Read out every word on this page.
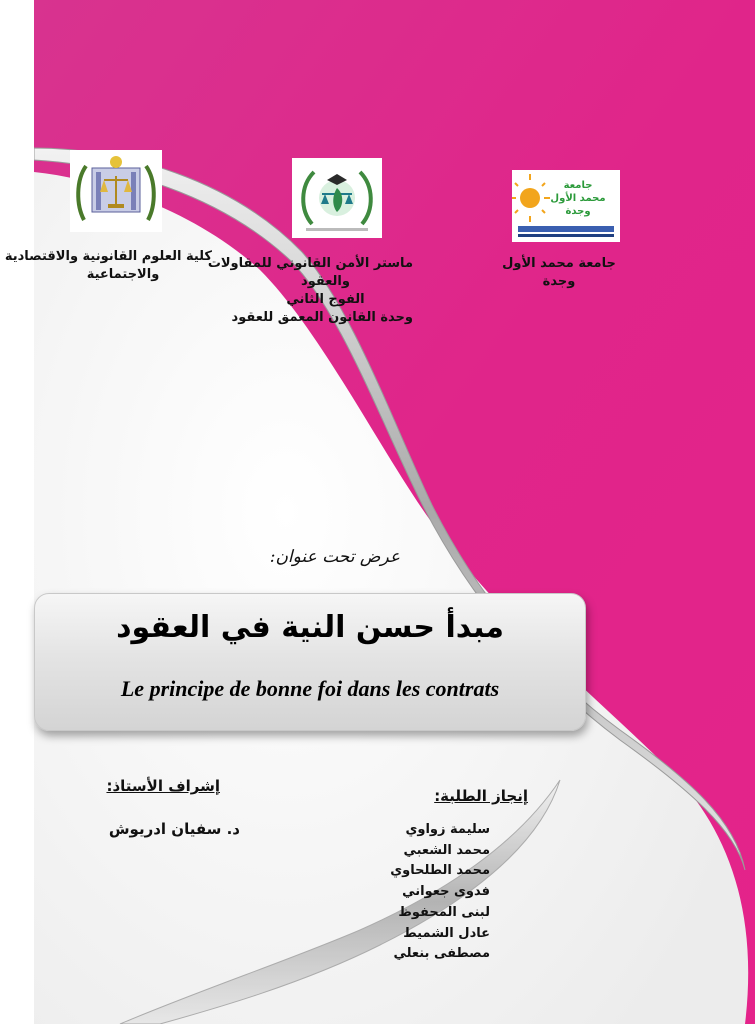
جامعة
محمد الأول
وجدة
كلية العلوم القانونية والاقتصادية
والاجتماعية
ماستر الأمن القانوني للمقاولات
والعقود
الفوج الثاني
وحدة القانون المعمق للعقود
جامعة محمد الأول
وجدة
عرض تحت عنوان:
مبدأ حسن النية في العقود
Le principe de bonne foi dans les contrats
إنجاز الطلبة:
سليمة زواوي
محمد الشعبي
محمد الطلحاوي
فدوى جعواني
لبنى المحفوظ
عادل الشميط
مصطفى بنعلي
إشراف الأستاذ:
د. سفيان ادريوش
